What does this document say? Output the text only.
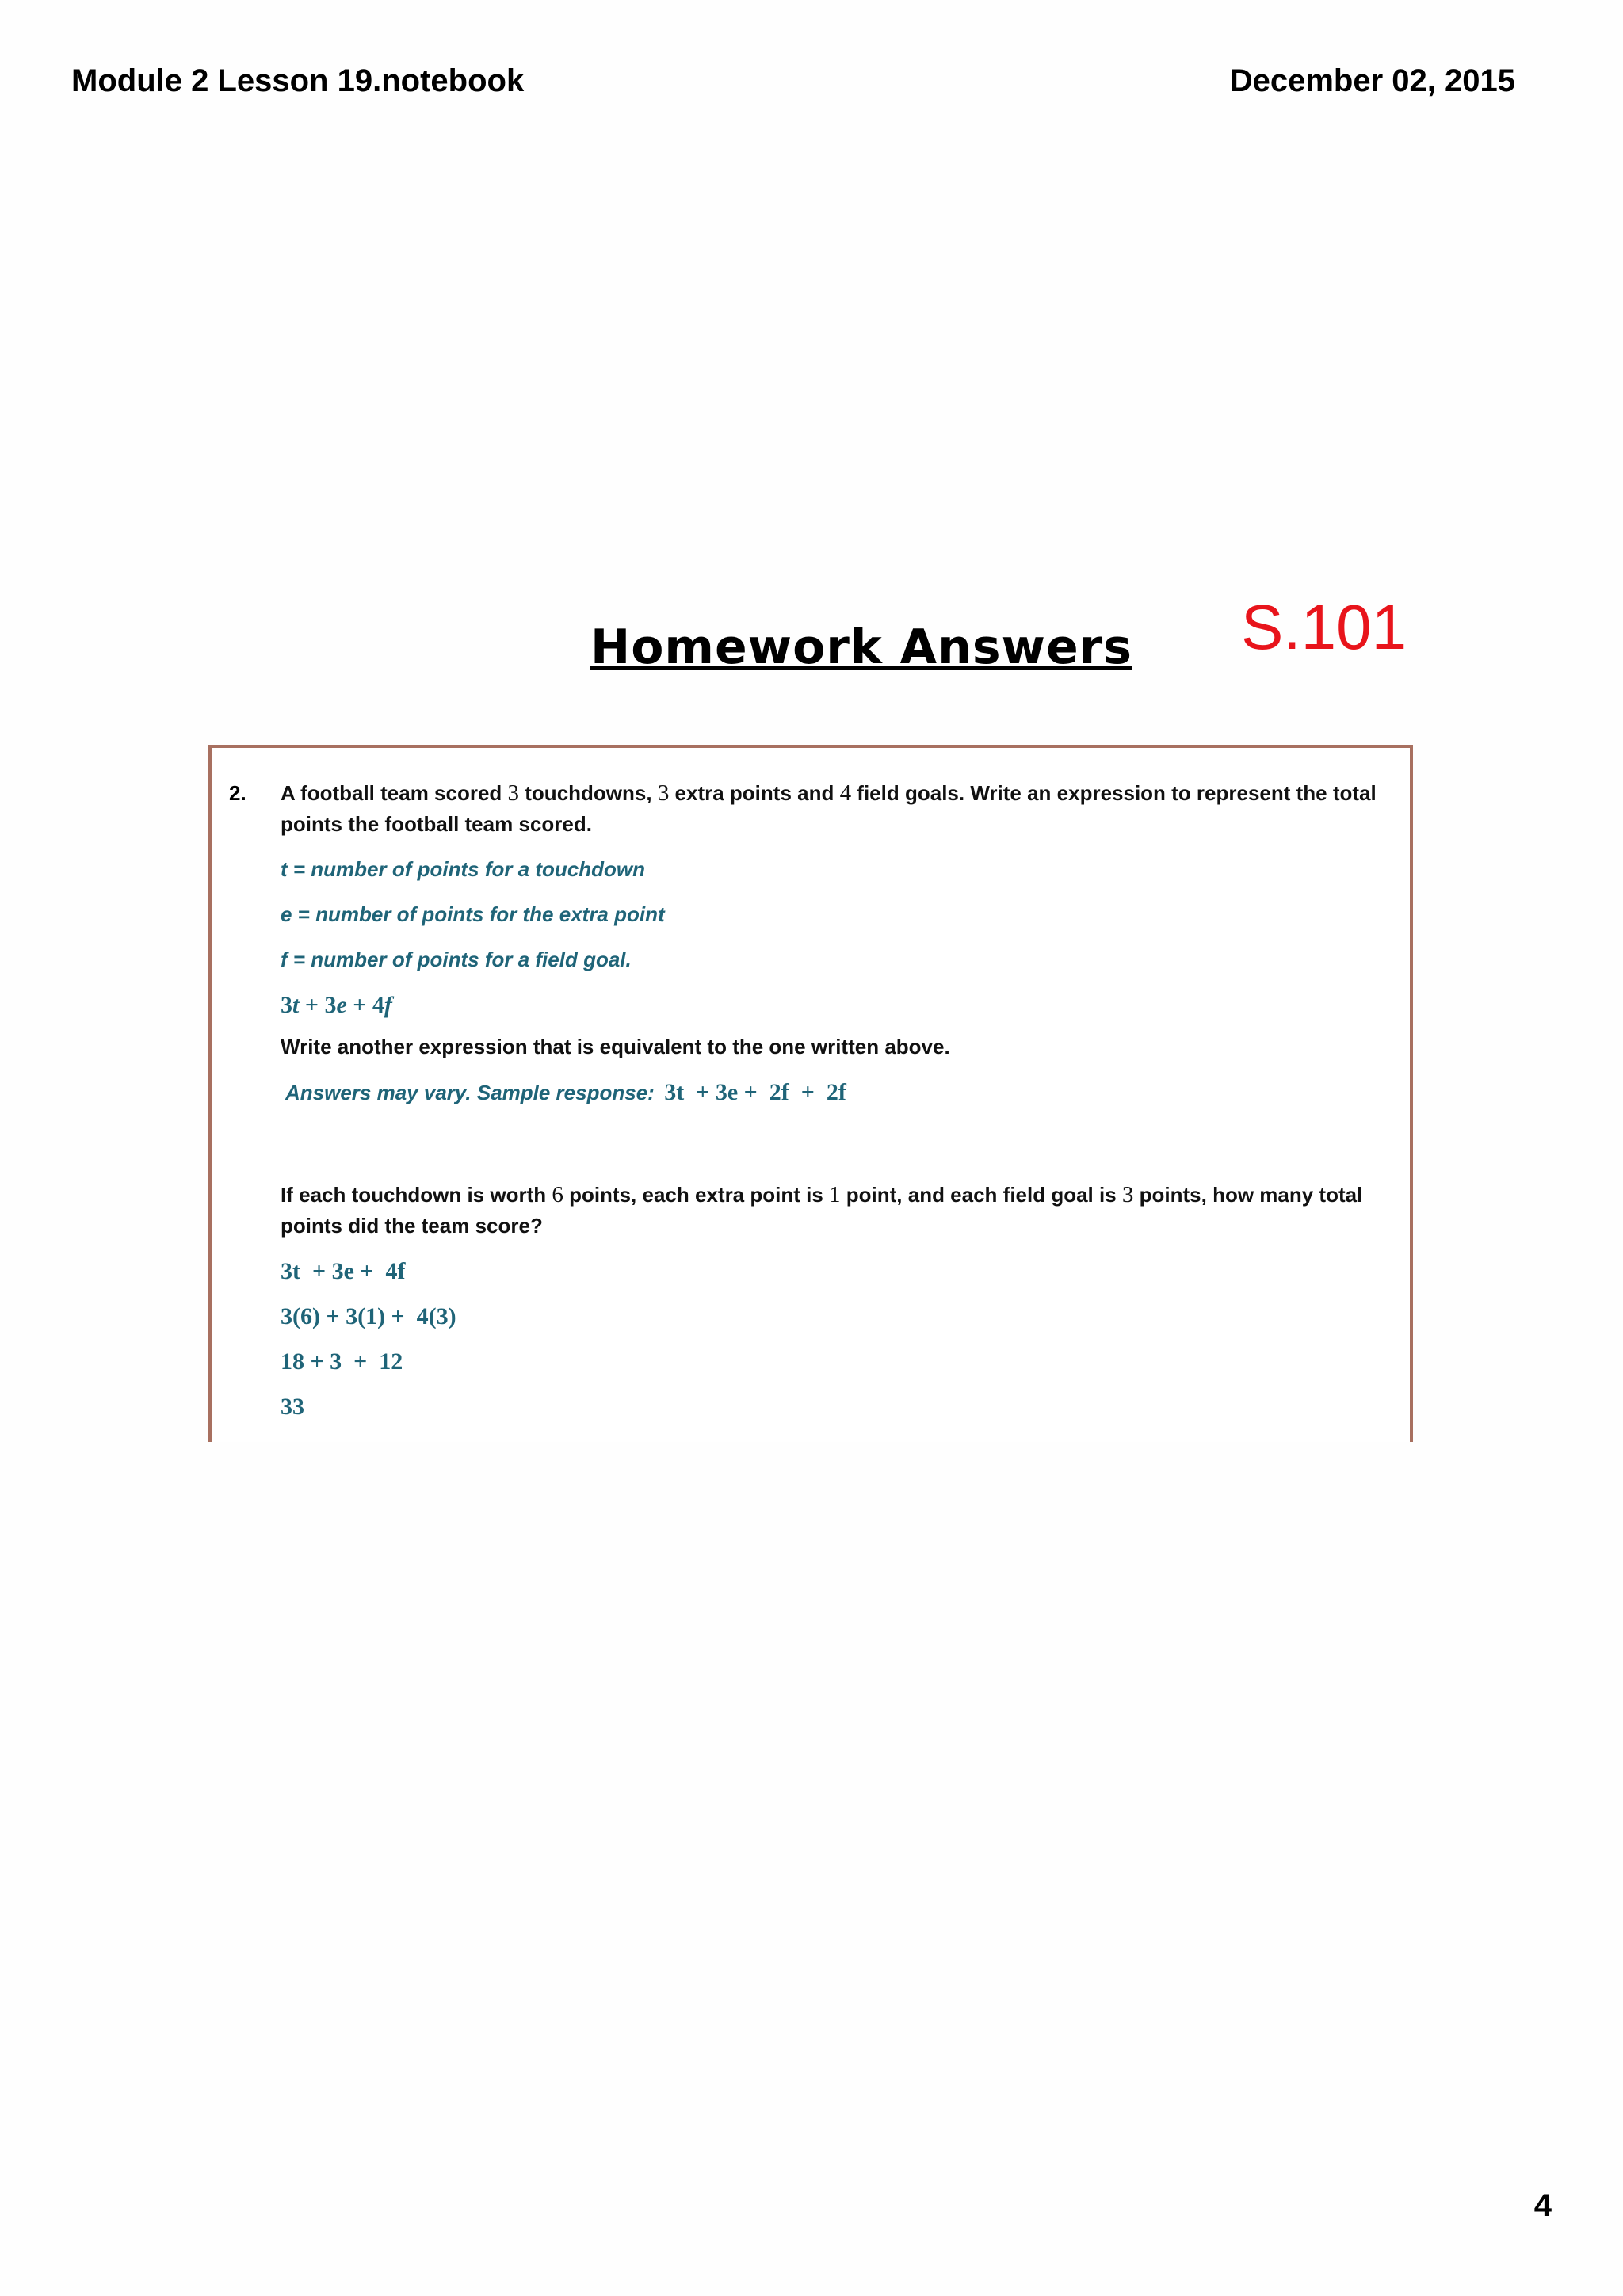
Module 2 Lesson 19.notebook	December 02, 2015
Homework Answers S.101
2. A football team scored 3 touchdowns, 3 extra points and 4 field goals. Write an expression to represent the total points the football team scored.
t = number of points for a touchdown
e = number of points for the extra point
f = number of points for a field goal.
3t + 3e + 4f
Write another expression that is equivalent to the one written above.
Answers may vary. Sample response: 3t  + 3e +  2f  +  2f
If each touchdown is worth 6 points, each extra point is 1 point, and each field goal is 3 points, how many total points did the team score?
3t  + 3e +  4f
3(6) + 3(1) +  4(3)
18 + 3  +  12
33
4
